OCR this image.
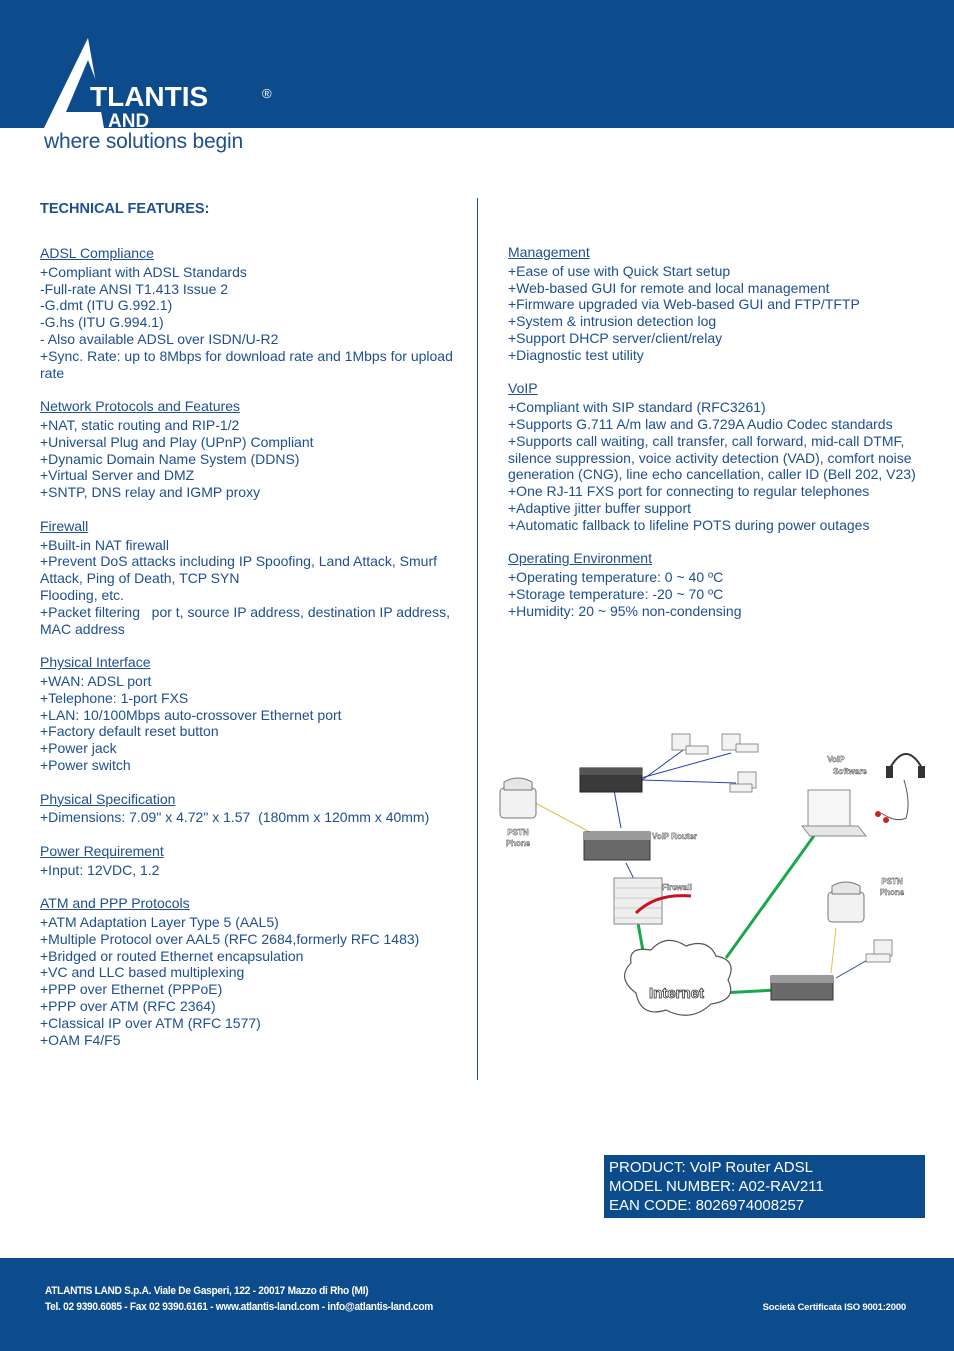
TLANTIS	®
AND
where solutions begin
TECHNICAL FEATURES:
ADSL Compliance
+Compliant with ADSL Standards
-Full-rate ANSI T1.413 Issue 2
-G.dmt (ITU G.992.1)
-G.hs (ITU G.994.1)
- Also available ADSL over ISDN/U-R2
+Sync. Rate: up to 8Mbps for download rate and 1Mbps for upload rate
Network Protocols and Features
+NAT, static routing and RIP-1/2
+Universal Plug and Play (UPnP) Compliant
+Dynamic Domain Name System (DDNS)
+Virtual Server and DMZ
+SNTP, DNS relay and IGMP proxy
Firewall
+Built-in NAT firewall
+Prevent DoS attacks including IP Spoofing, Land Attack, Smurf Attack, Ping of Death, TCP SYN
Flooding, etc.
+Packet filtering   por t, source IP address, destination IP address, MAC address
Physical Interface
+WAN: ADSL port
+Telephone: 1-port FXS
+LAN: 10/100Mbps auto-crossover Ethernet port
+Factory default reset button
+Power jack
+Power switch
Physical Specification
+Dimensions: 7.09" x 4.72" x 1.57  (180mm x 120mm x 40mm)
Power Requirement
+Input: 12VDC, 1.2
ATM and PPP Protocols
+ATM Adaptation Layer Type 5 (AAL5)
+Multiple Protocol over AAL5 (RFC 2684,formerly RFC 1483)
+Bridged or routed Ethernet encapsulation
+VC and LLC based multiplexing
+PPP over Ethernet (PPPoE)
+PPP over ATM (RFC 2364)
+Classical IP over ATM (RFC 1577)
+OAM F4/F5
Management
+Ease of use with Quick Start setup
+Web-based GUI for remote and local management
+Firmware upgraded via Web-based GUI and FTP/TFTP
+System & intrusion detection log
+Support DHCP server/client/relay
+Diagnostic test utility
VoIP
+Compliant with SIP standard (RFC3261)
+Supports G.711 A/m law and G.729A Audio Codec standards
+Supports call waiting, call transfer, call forward, mid-call DTMF, silence suppression, voice activity detection (VAD), comfort noise generation (CNG), line echo cancellation, caller ID (Bell 202, V23)
+One RJ-11 FXS port for connecting to regular telephones
+Adaptive jitter buffer support
+Automatic fallback to lifeline POTS during power outages
Operating Environment
+Operating temperature: 0 ~ 40 ºC
+Storage temperature: -20 ~ 70 ºC
+Humidity: 20 ~ 95% non-condensing
VoIP Router
Firewall
Internet
VoIP
Software
PSTN
Phone
PSTN
Phone
PRODUCT: VoIP Router ADSL
MODEL NUMBER: A02-RAV211
EAN CODE: 8026974008257
ATLANTIS LAND S.p.A. Viale De Gasperi, 122 - 20017 Mazzo di Rho (MI)
Tel. 02 9390.6085 - Fax 02 9390.6161 - www.atlantis-land.com - info@atlantis-land.com	Società Certificata ISO 9001:2000
